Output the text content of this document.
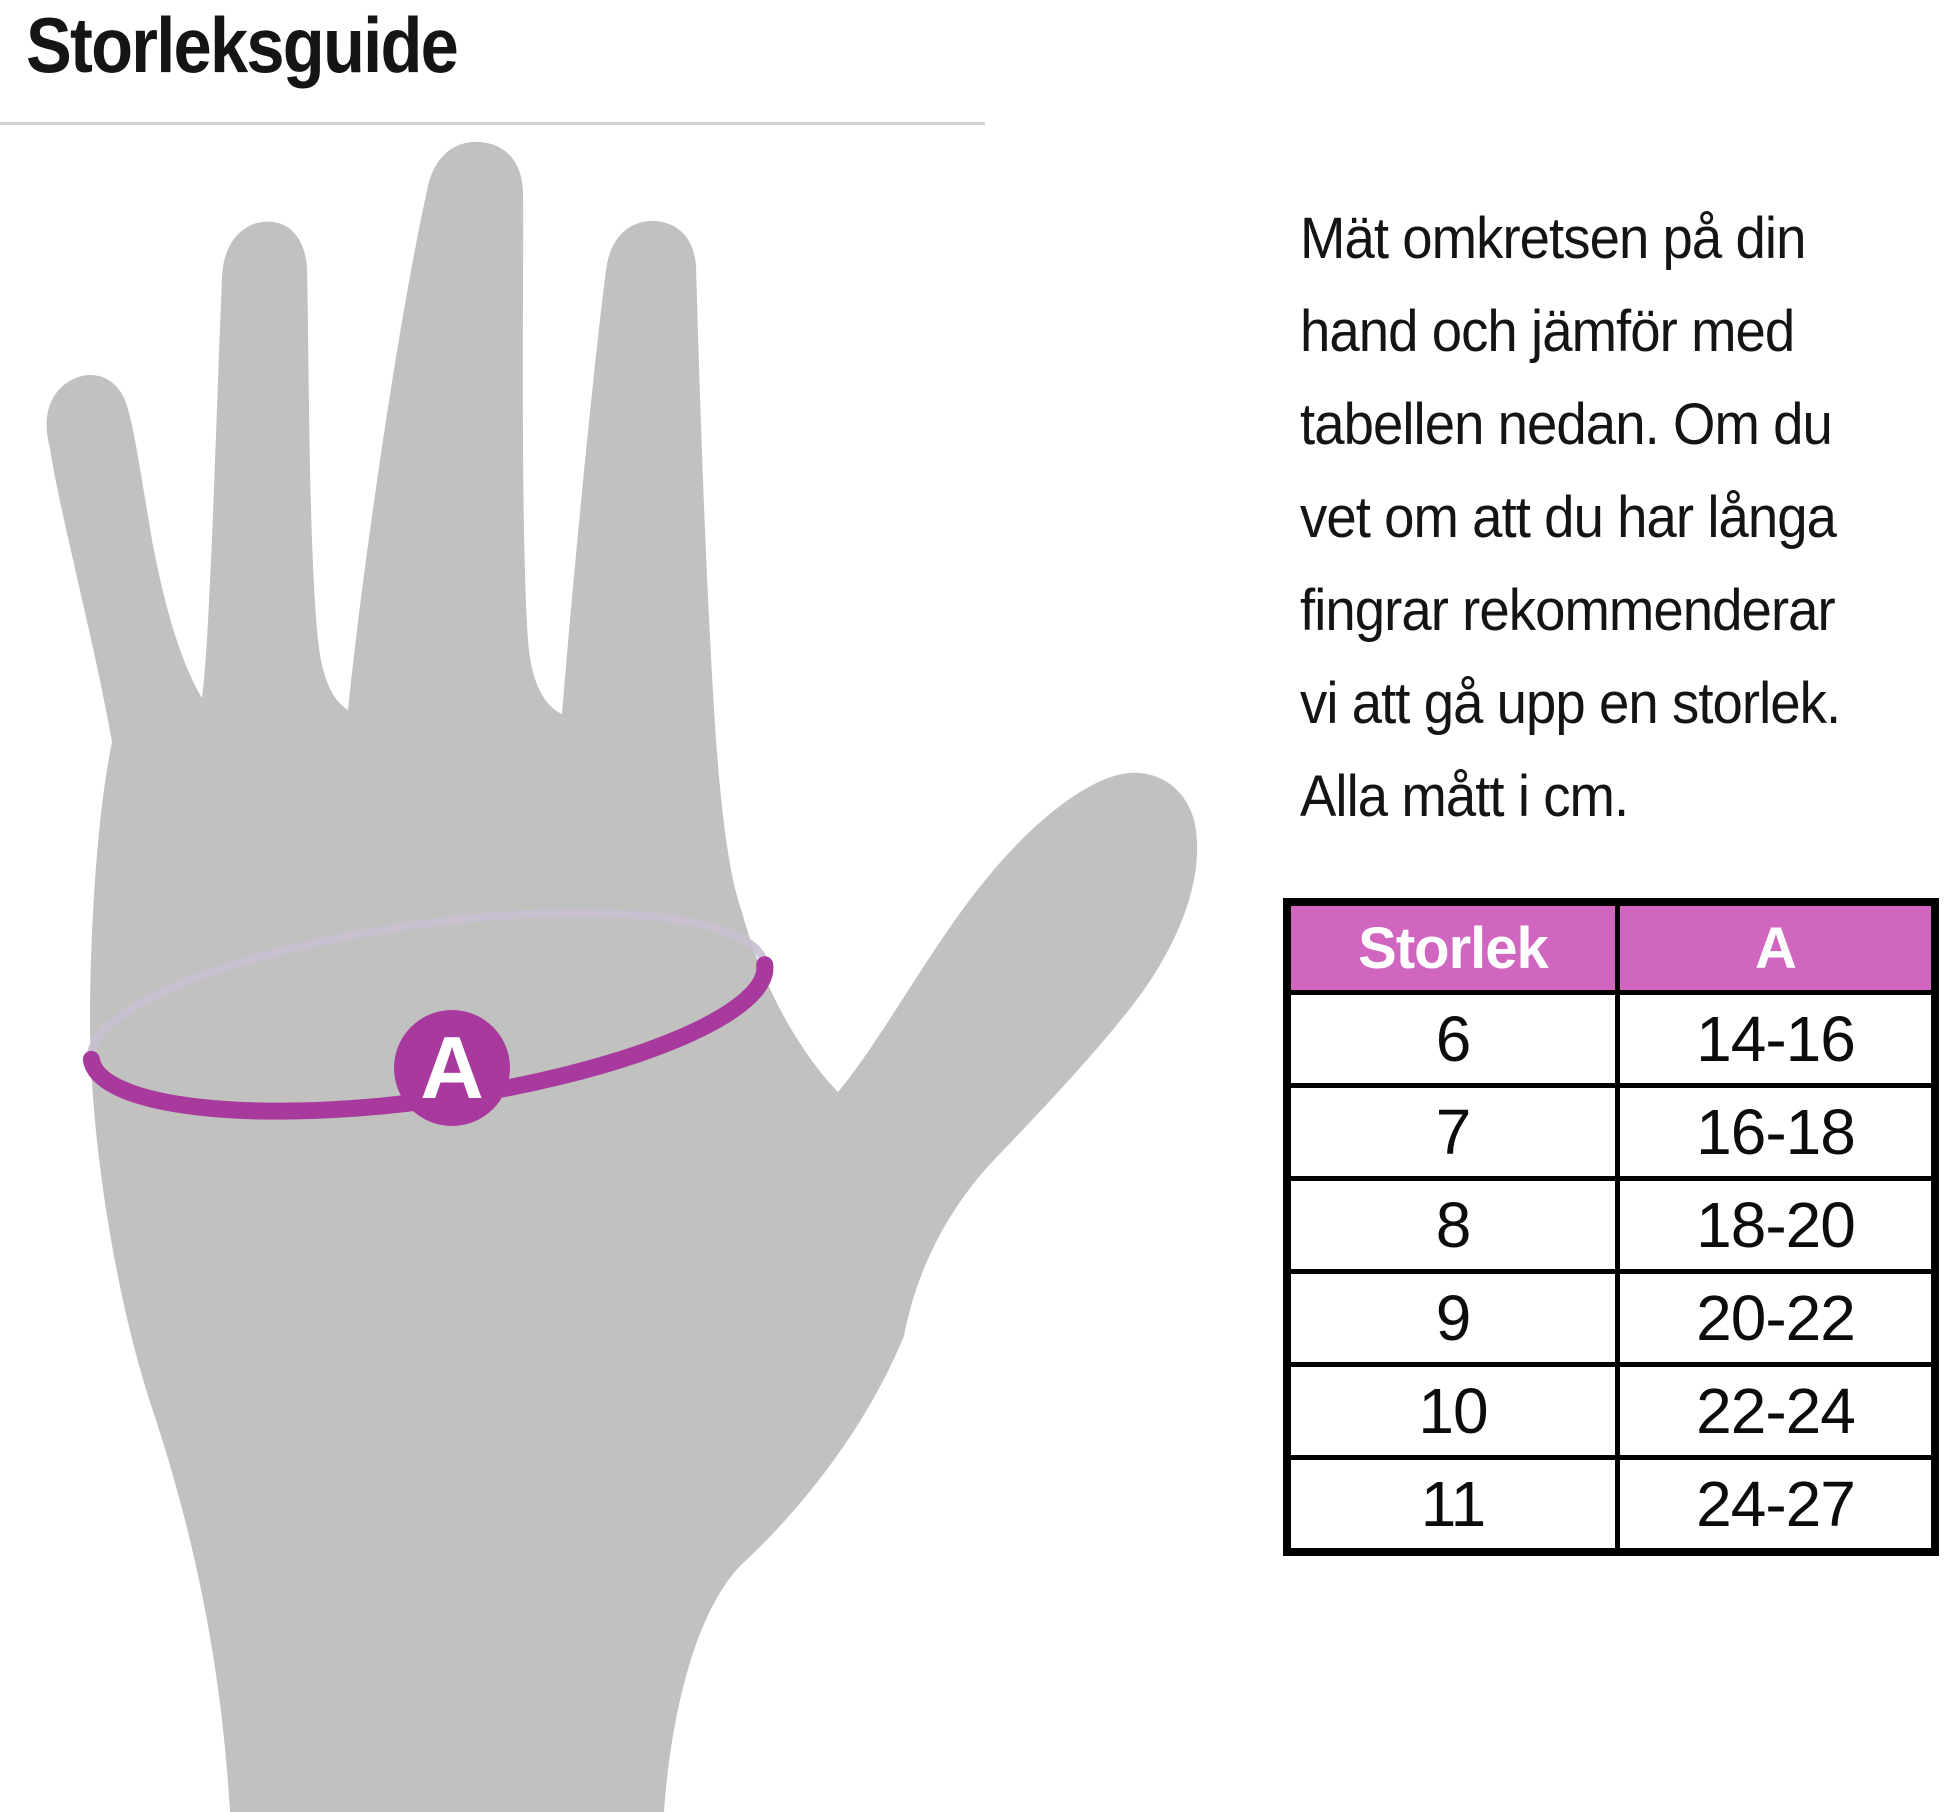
Storleksguide
A
Mät omkretsen på din
hand och jämför med
tabellen nedan. Om du
vet om att du har långa
fingrar rekommenderar
vi att gå upp en storlek.
Alla mått i cm.
Storlek	A
6	14-16
7	16-18
8	18-20
9	20-22
10	22-24
11	24-27
